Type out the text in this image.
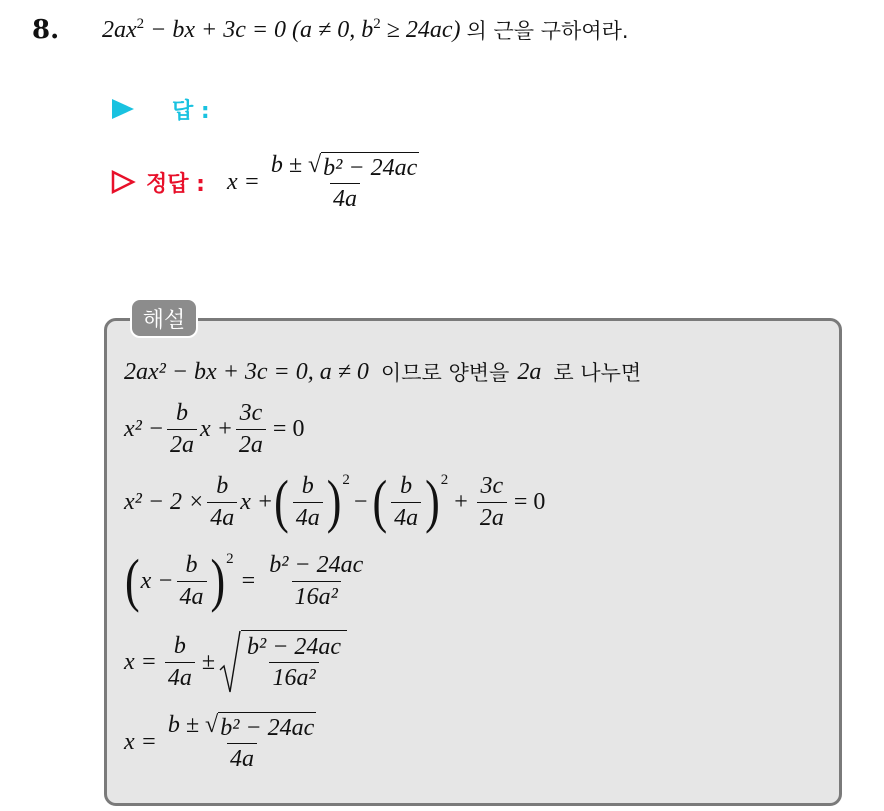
8.	$2ax^2$ − bx + 3c = 0 (a ≠ 0, $b^2 \ge 24ac$) 의 근을 구하여라.
답 :
정답 : $x = \frac{\text{b ± √ b² − 24ac}}{4a}$
해설
2ax² − bx + 3c = 0, a ≠ 0 이므로 양변을 2a 로 나누면
$x^2 - \frac{b}{2a}$ $x + \frac{3c}{2a} = 0$
$x^2 - 2 \times \frac{b}{4a}$ x + ( $\frac{b}{4a} )^2$
− ( $\frac{b}{4a} )^2$
+ $\frac{3c}{2a} = 0$
( $x - \frac{b}{4a} )^2$
= $\frac{\text{b² − 24ac}}{\text{16a²}}$
$x = \frac{b}{4a} \pm \frac{\text{b² − 24ac}}{\text{16a²}}$
$x = \frac{\text{b ± √ b² − 24ac}}{4a}$
